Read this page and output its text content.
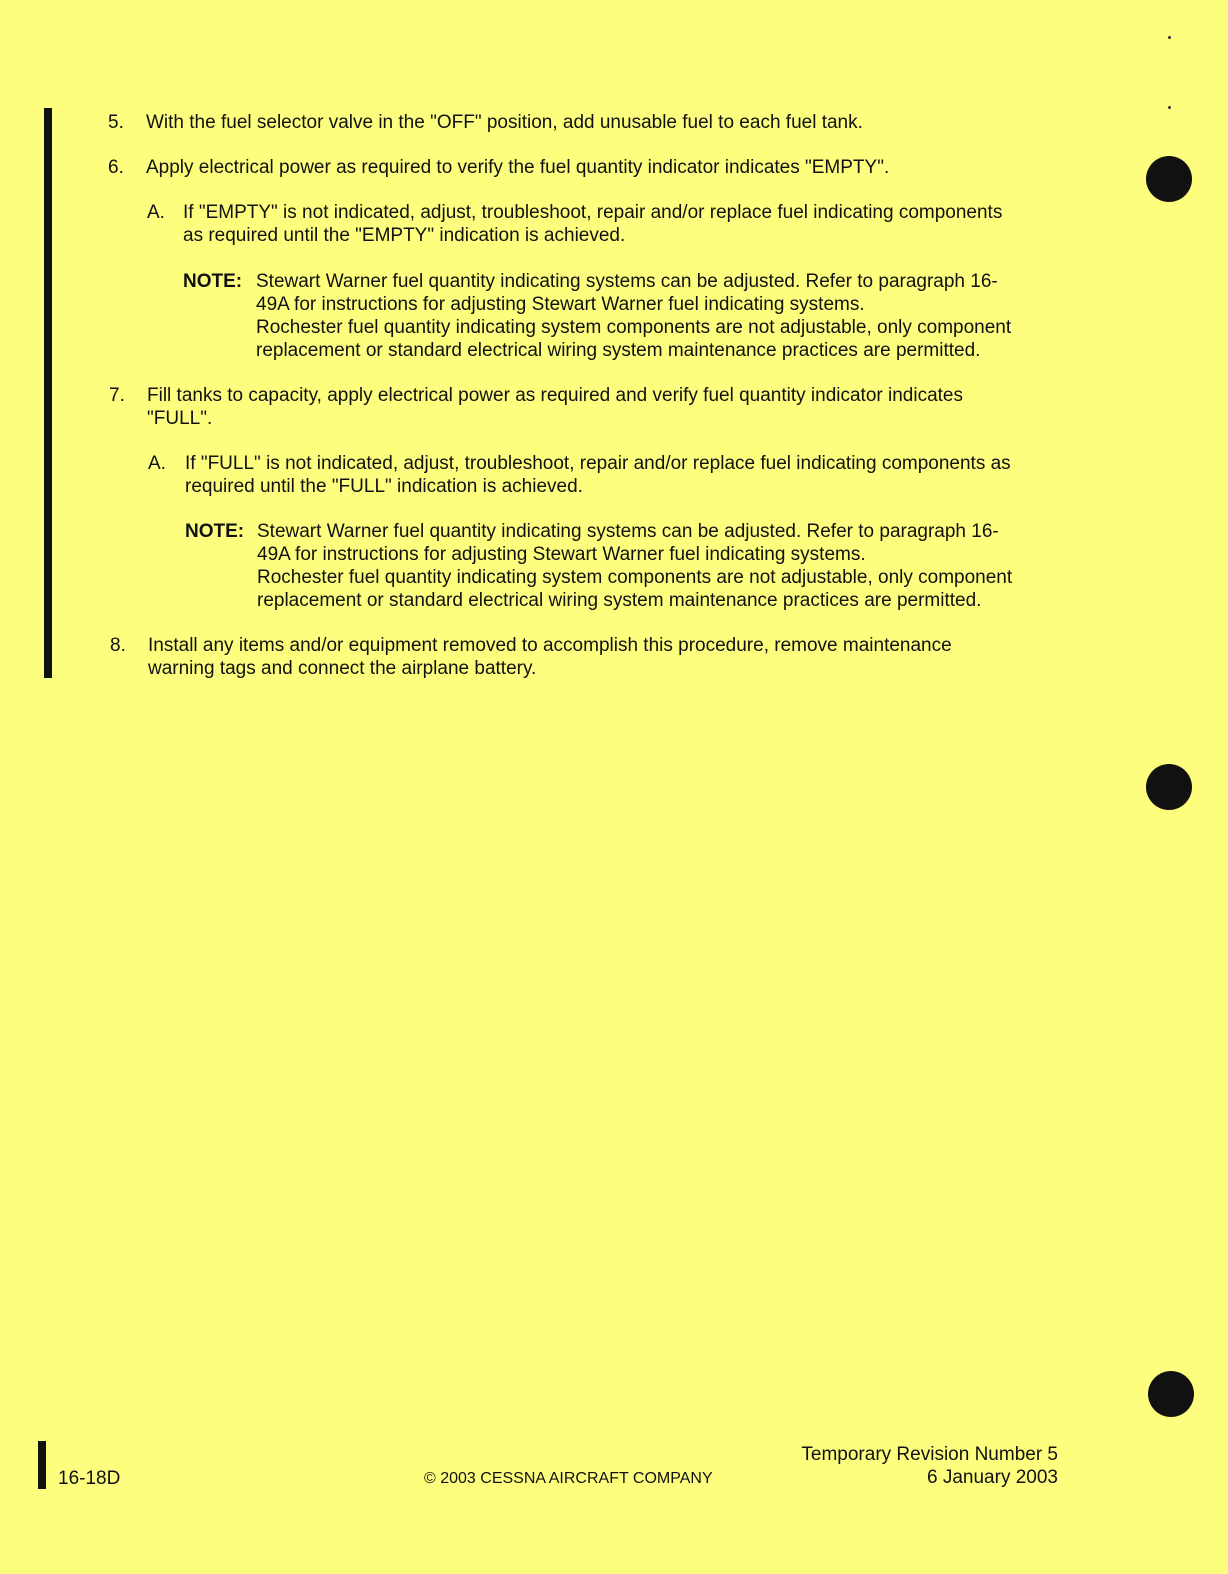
5. With the fuel selector valve in the "OFF" position, add unusable fuel to each fuel tank.
6. Apply electrical power as required to verify the fuel quantity indicator indicates "EMPTY".
A. If "EMPTY" is not indicated, adjust, troubleshoot, repair and/or replace fuel indicating components
as required until the "EMPTY" indication is achieved.
NOTE: Stewart Warner fuel quantity indicating systems can be adjusted. Refer to paragraph 16-
49A for instructions for adjusting Stewart Warner fuel indicating systems.
Rochester fuel quantity indicating system components are not adjustable, only component
replacement or standard electrical wiring system maintenance practices are permitted.
7. Fill tanks to capacity, apply electrical power as required and verify fuel quantity indicator indicates
"FULL".
A. If "FULL" is not indicated, adjust, troubleshoot, repair and/or replace fuel indicating components as
required until the "FULL" indication is achieved.
NOTE: Stewart Warner fuel quantity indicating systems can be adjusted. Refer to paragraph 16-
49A for instructions for adjusting Stewart Warner fuel indicating systems.
Rochester fuel quantity indicating system components are not adjustable, only component
replacement or standard electrical wiring system maintenance practices are permitted.
8. Install any items and/or equipment removed to accomplish this procedure, remove maintenance
warning tags and connect the airplane battery.
16-18D	© 2003 CESSNA AIRCRAFT COMPANY
Temporary Revision Number 5
6 January 2003
